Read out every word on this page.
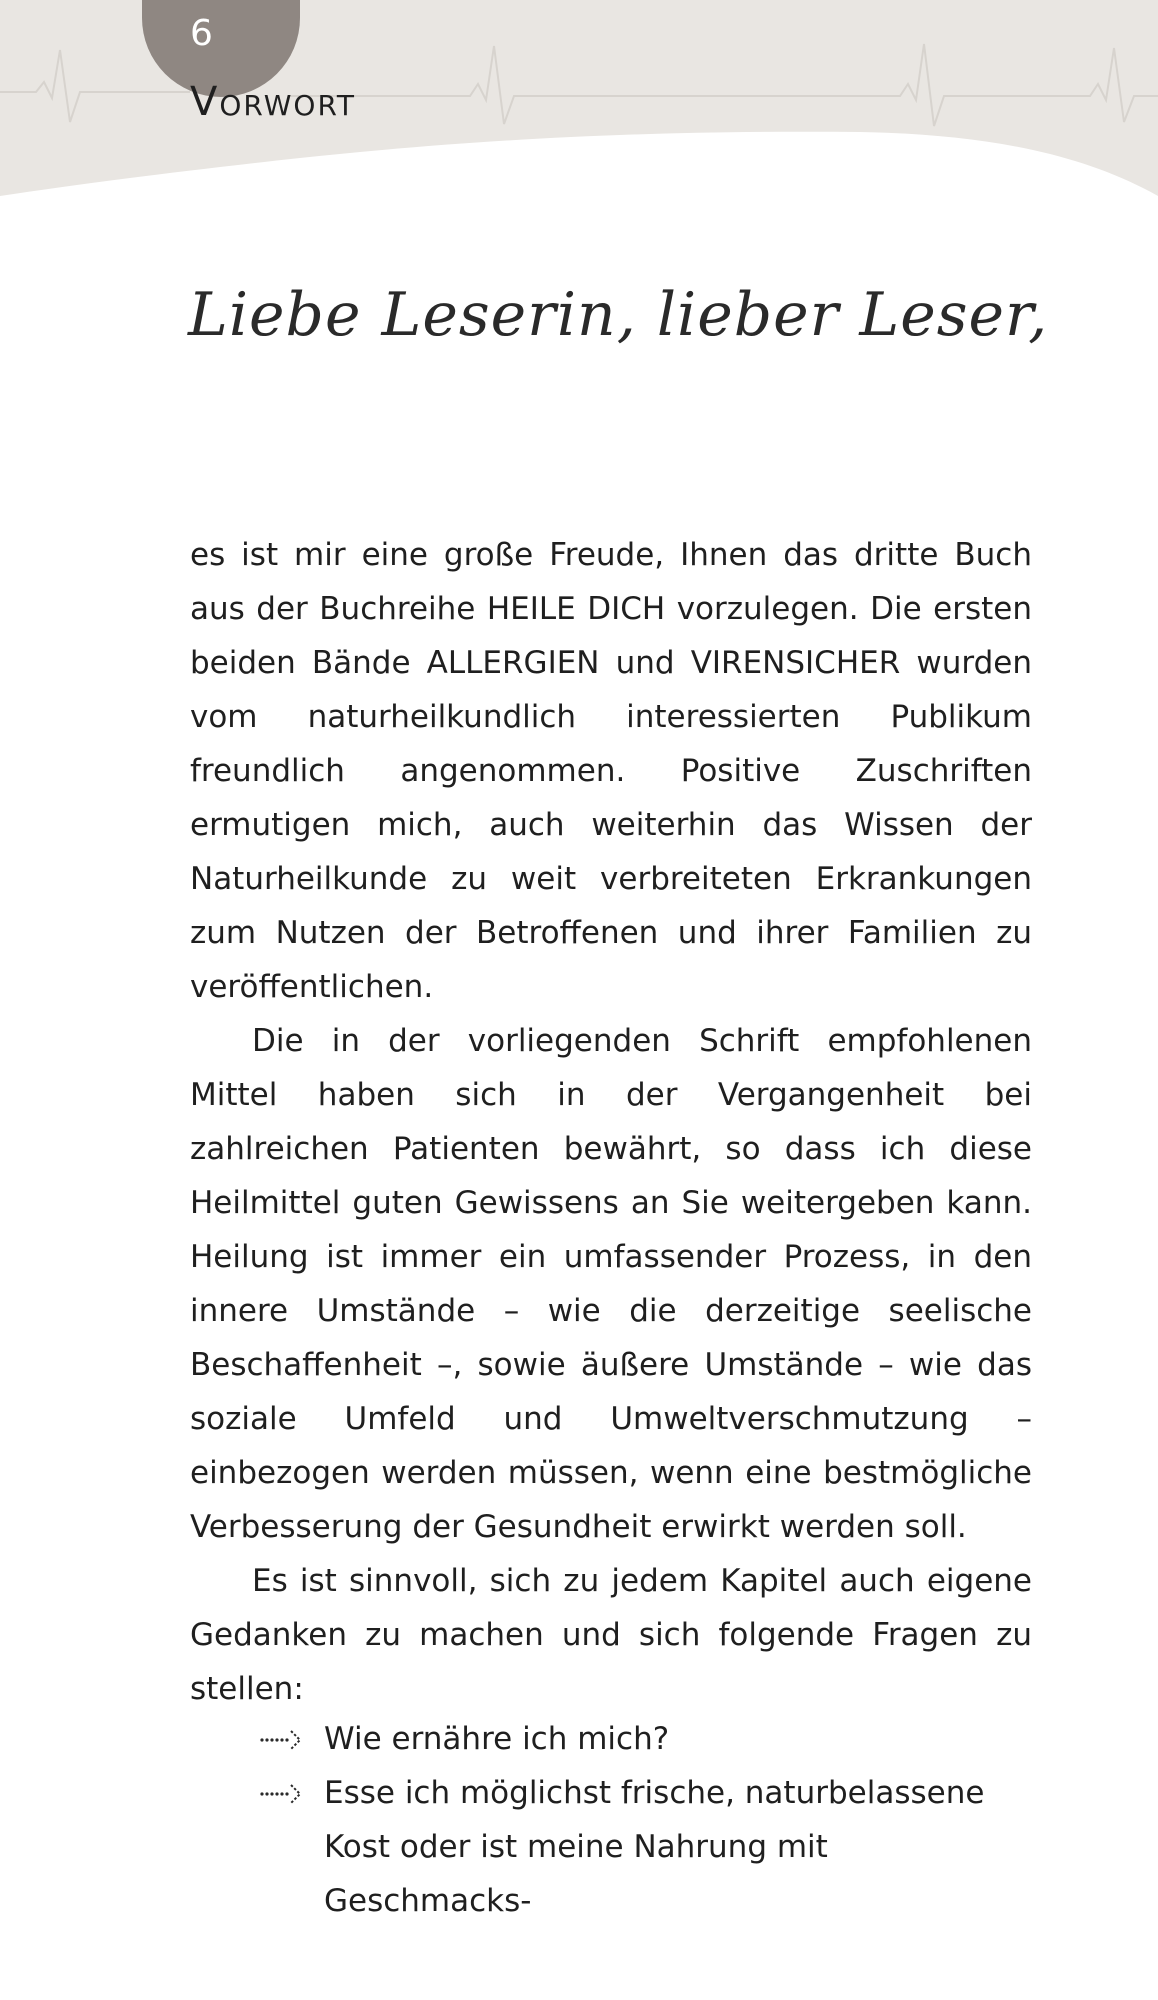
6
Vorwort
Liebe Leserin, lieber Leser,

es ist mir eine große Freude, Ihnen das dritte Buch aus der Buchreihe HEILE DICH vorzulegen. Die ersten beiden Bände ALLERGIEN und VIRENSICHER wurden vom naturheilkundlich interessierten Publikum freundlich angenommen. Positive Zuschriften ermutigen mich, auch weiterhin das Wissen der Naturheilkunde zu weit verbreiteten Erkrankungen zum Nutzen der Betroffenen und ihrer Familien zu veröffentlichen.

Die in der vorliegenden Schrift empfohlenen Mittel haben sich in der Vergangenheit bei zahlreichen Patienten bewährt, so dass ich diese Heilmittel guten Gewissens an Sie weitergeben kann. Heilung ist immer ein umfassender Prozess, in den innere Umstände – wie die derzeitige seelische Beschaffenheit –, sowie äußere Umstände – wie das soziale Umfeld und Umweltverschmutzung – einbezogen werden müssen, wenn eine bestmögliche Verbesserung der Gesundheit erwirkt werden soll.

Es ist sinnvoll, sich zu jedem Kapitel auch eigene Gedanken zu machen und sich folgende Fragen zu stellen:

Wie ernähre ich mich?
Esse ich möglichst frische, naturbelassene Kost oder ist meine Nahrung mit Geschmacks-
